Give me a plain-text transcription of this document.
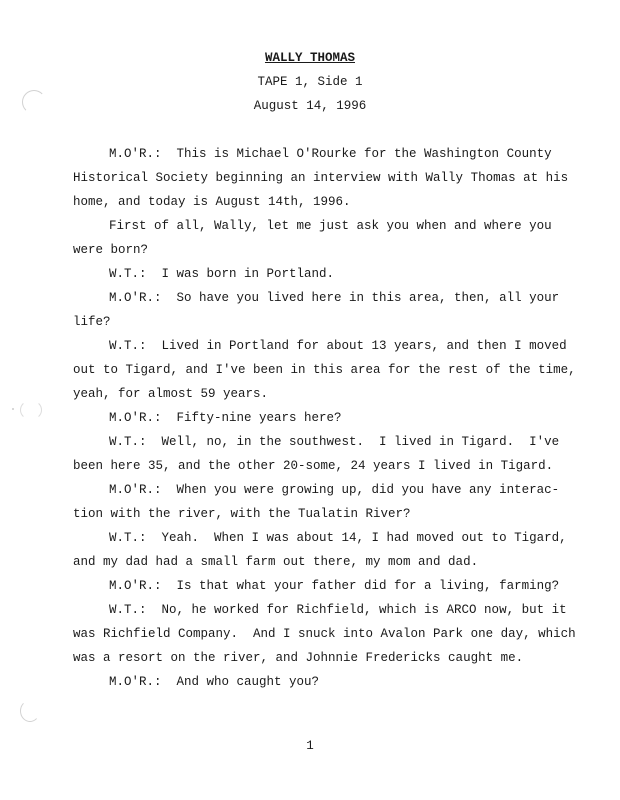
WALLY THOMAS
TAPE 1, Side 1
August 14, 1996
M.O'R.:  This is Michael O'Rourke for the Washington County
Historical Society beginning an interview with Wally Thomas at his
home, and today is August 14th, 1996.
First of all, Wally, let me just ask you when and where you
were born?
W.T.:  I was born in Portland.
M.O'R.:  So have you lived here in this area, then, all your
life?
W.T.:  Lived in Portland for about 13 years, and then I moved
out to Tigard, and I've been in this area for the rest of the time,
yeah, for almost 59 years.
M.O'R.:  Fifty-nine years here?
W.T.:  Well, no, in the southwest.  I lived in Tigard.  I've
been here 35, and the other 20-some, 24 years I lived in Tigard.
M.O'R.:  When you were growing up, did you have any interac-
tion with the river, with the Tualatin River?
W.T.:  Yeah.  When I was about 14, I had moved out to Tigard,
and my dad had a small farm out there, my mom and dad.
M.O'R.:  Is that what your father did for a living, farming?
W.T.:  No, he worked for Richfield, which is ARCO now, but it
was Richfield Company.  And I snuck into Avalon Park one day, which
was a resort on the river, and Johnnie Fredericks caught me.
M.O'R.:  And who caught you?
1
